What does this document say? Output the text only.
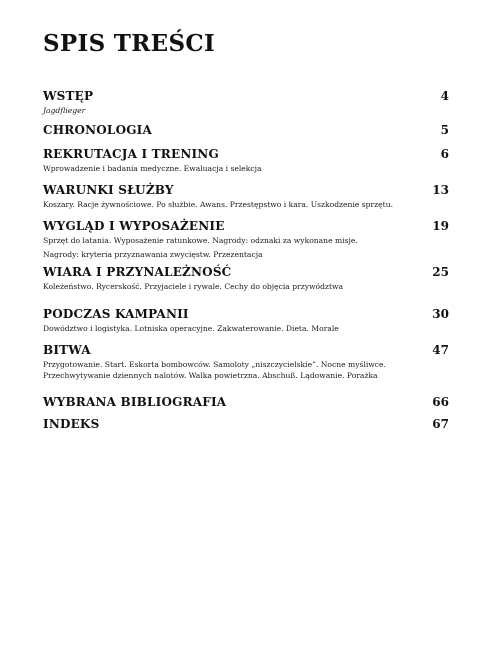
SPIS TREŚCI
WSTĘP	4

Jagdflieger

CHRONOLOGIA	5
REKRUTACJA I TRENING	6

Wprowadzenie i badania medyczne. Ewaluacja i selekcja

WARUNKI SŁUŻBY	13

Koszary. Racje żywnościowe. Po służbie. Awans. Przestępstwo i kara. Uszkodzenie sprzętu.

WYGLĄD I WYPOSAŻENIE	19

Sprzęt do latania. Wyposażenie ratunkowe. Nagrody: odznaki za wykonane misje.

Nagrody: kryteria przyznawania zwycięstw. Przezentacja

WIARA I PRZYNALEŻNOŚĆ	25

Koleżeństwo. Rycerskość. Przyjaciele i rywale. Cechy do objęcia przywództwa

PODCZAS KAMPANII	30

Dowództwo i logistyka. Lotniska operacyjne. Zakwaterowanie. Dieta. Morale

BITWA	47

Przygotowanie. Start. Eskorta bombowców. Samoloty „niszczycielskie”. Nocne myśliwce.

Przechwytywanie dziennych nalotów. Walka powietrzna. Abschuß. Lądowanie. Porażka

WYBRANA BIBLIOGRAFIA	66
INDEKS	67
